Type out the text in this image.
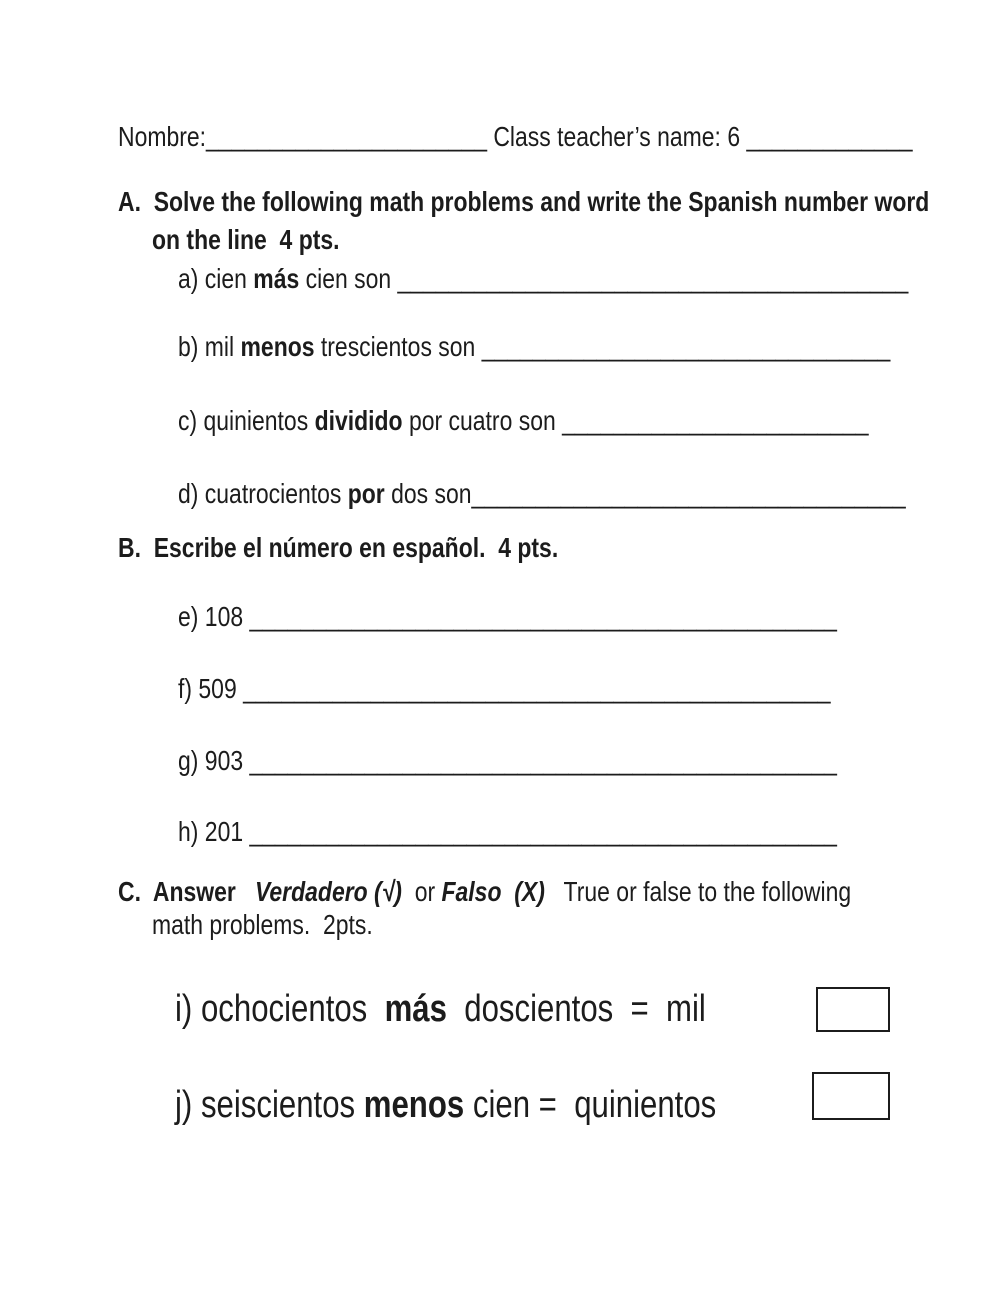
Nombre:______________________ Class teacher’s name: 6 _____________
A.  Solve the following math problems and write the Spanish number word
on the line  4 pts.
a) cien más cien son ________________________________________
b) mil menos trescientos son ________________________________
c) quinientos dividido por cuatro son ________________________
d) cuatrocientos por dos son__________________________________
B.  Escribe el número en español.  4 pts.
e) 108 ______________________________________________
f) 509 ______________________________________________
g) 903 ______________________________________________
h) 201 ______________________________________________
C.  Answer   Verdadero (√)  or Falso  (X)   True or false to the following
math problems.  2pts.
i) ochocientos  más  doscientos  =  mil
j) seiscientos menos cien =  quinientos
